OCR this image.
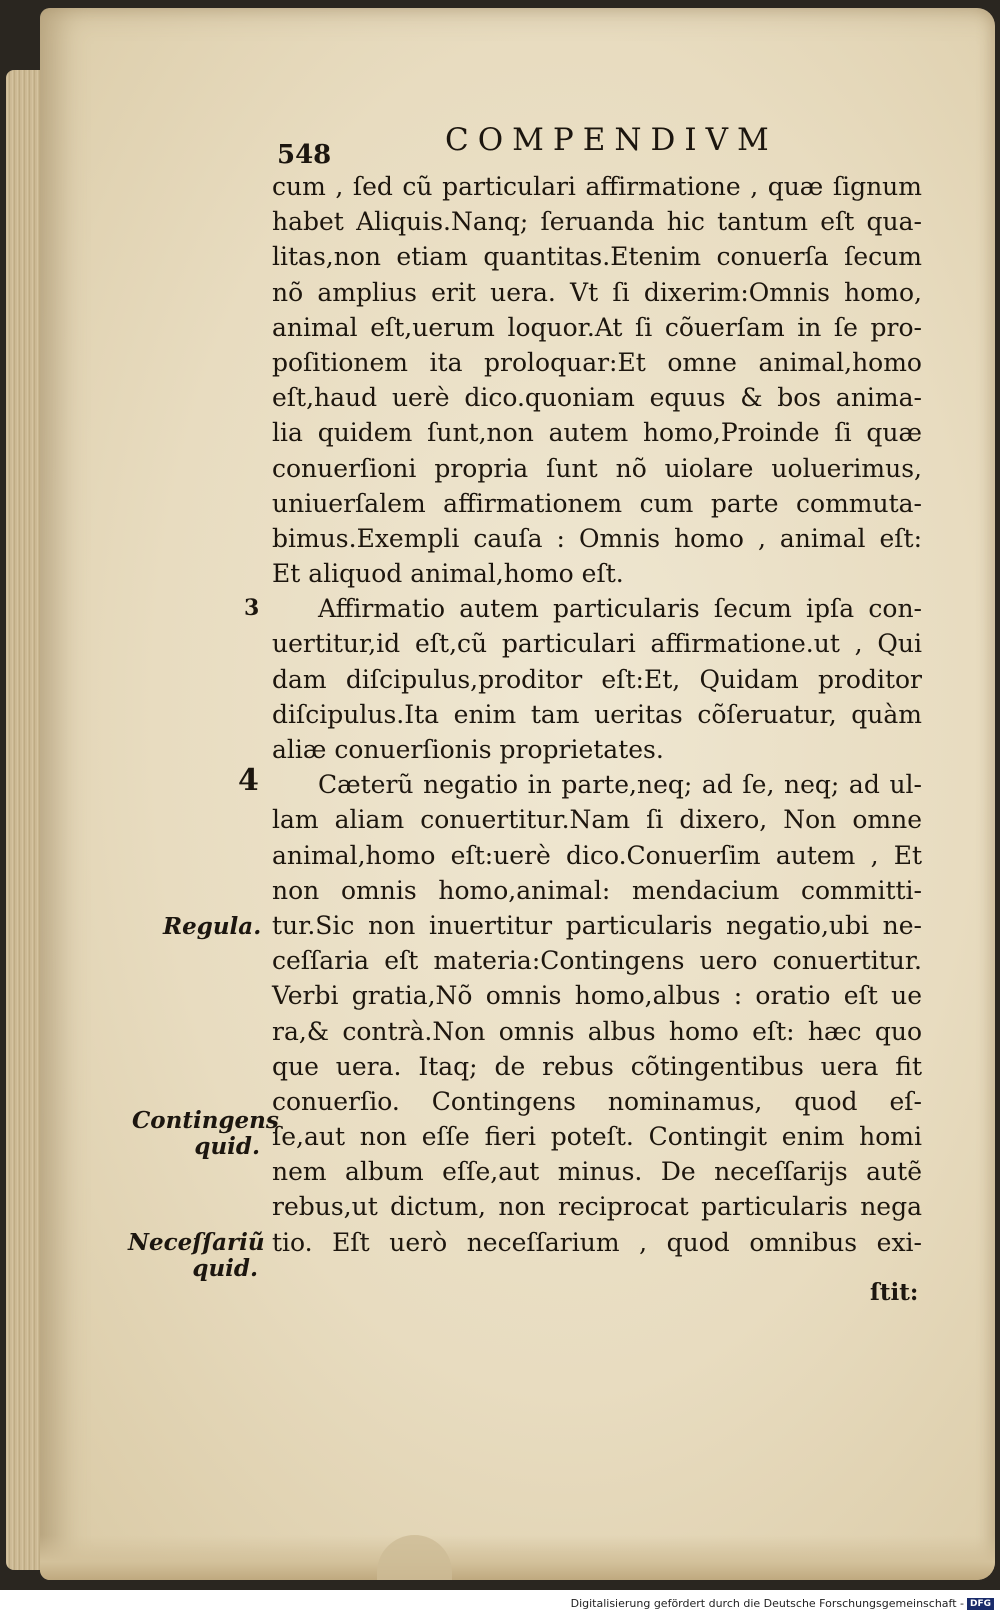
548	COMPENDIVM
cum , ſed cũ particulari affirmatione , quæ ſignum
habet Aliquis.Nanq; ſeruanda hic tantum eſt qua-
litas,non etiam quantitas.Etenim conuerſa ſecum
nõ amplius erit uera. Vt ſi dixerim:Omnis homo,
animal eſt,uerum loquor.At ſi cõuerſam in ſe pro-
poſitionem ita proloquar:Et omne animal,homo
eſt,haud uerè dico.quoniam equus & bos anima-
lia quidem ſunt,non autem homo,Proinde ſi quæ
conuerſioni propria ſunt nõ uiolare uoluerimus,
uniuerſalem affirmationem cum parte commuta-
bimus.Exempli cauſa : Omnis homo , animal eſt:
Et aliquod animal,homo eſt.
Affirmatio autem particularis ſecum ipſa con-
uertitur,id eſt,cũ particulari affirmatione.ut , Qui
dam diſcipulus,proditor eſt:Et, Quidam proditor
diſcipulus.Ita enim tam ueritas cõſeruatur, quàm
aliæ conuerſionis proprietates.
Cæterũ negatio in parte,neq; ad ſe, neq; ad ul-
lam aliam conuertitur.Nam ſi dixero, Non omne
animal,homo eſt:uerè dico.Conuerſim autem , Et
non omnis homo,animal: mendacium committi-
tur.Sic non inuertitur particularis negatio,ubi ne-
ceſſaria eſt materia:Contingens uero conuertitur.
Verbi gratia,Nõ omnis homo,albus : oratio eſt ue
ra,& contrà.Non omnis albus homo eſt: hæc quo
que uera. Itaq; de rebus cõtingentibus uera fit
conuerſio. Contingens nominamus, quod eſ-
ſe,aut non eſſe fieri poteſt. Contingit enim homi
nem album eſſe,aut minus. De neceſſarijs autẽ
rebus,ut dictum, non reciprocat particularis nega
tio. Eſt uerò neceſſarium , quod omnibus exi-
3
4
Regula.
Contingens quid.
Neceſſariũ quid.
ſtit:
Digitalisierung gefördert durch die Deutsche Forschungsgemeinschaft - DFG
